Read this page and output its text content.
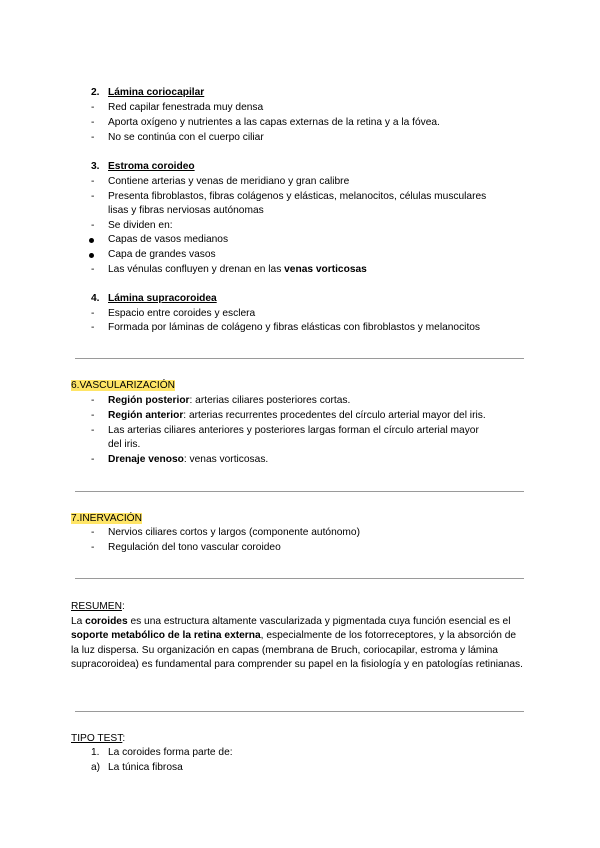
2. Lámina coriocapilar
- Red capilar fenestrada muy densa
- Aporta oxígeno y nutrientes a las capas externas de la retina y a la fóvea.
- No se continúa con el cuerpo ciliar
3. Estroma coroideo
- Contiene arterias y venas de meridiano y gran calibre
- Presenta fibroblastos, fibras colágenos y elásticas, melanocitos, células musculares
lisas y fibras nerviosas autónomas
- Se dividen en:
Capas de vasos medianos
Capa de grandes vasos
- Las vénulas confluyen y drenan en las venas vorticosas
4. Lámina supracoroidea
- Espacio entre coroides y esclera
- Formada por láminas de colágeno y fibras elásticas con fibroblastos y melanocitos
6.VASCULARIZACIÓN
- Región posterior: arterias ciliares posteriores cortas.
- Región anterior: arterias recurrentes procedentes del círculo arterial mayor del iris.
- Las arterias ciliares anteriores y posteriores largas forman el círculo arterial mayor
del iris.
- Drenaje venoso: venas vorticosas.
7.INERVACIÓN
- Nervios ciliares cortos y largos (componente autónomo)
- Regulación del tono vascular coroideo
RESUMEN:
La coroides es una estructura altamente vascularizada y pigmentada cuya función esencial es el soporte metabólico de la retina externa, especialmente de los fotorreceptores, y la absorción de la luz dispersa. Su organización en capas (membrana de Bruch, coriocapilar, estroma y lámina supracoroidea) es fundamental para comprender su papel en la fisiología y en patologías retinianas.
TIPO TEST:
1. La coroides forma parte de:
a) La túnica fibrosa
